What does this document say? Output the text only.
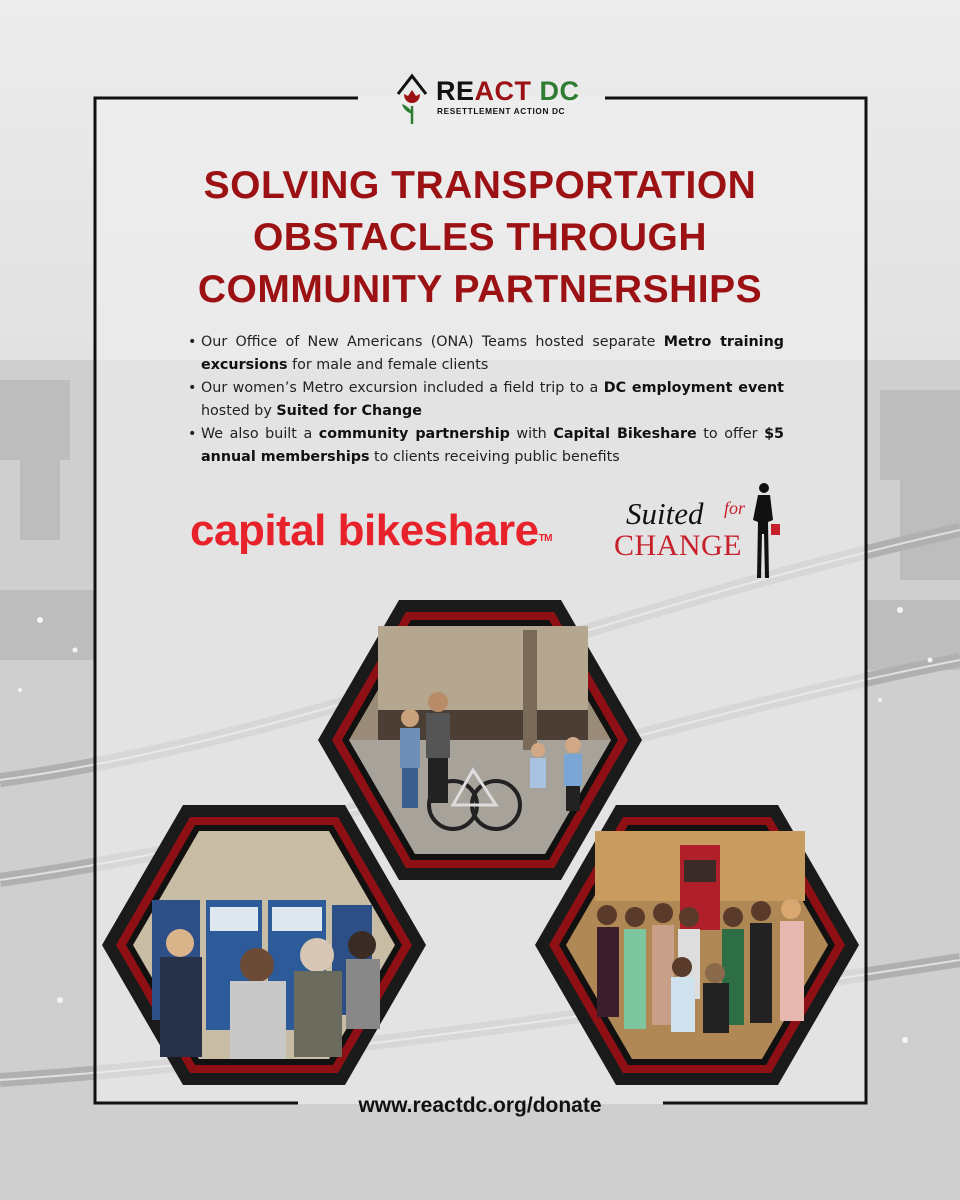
REACT DC
RESETTLEMENT ACTION DC
SOLVING TRANSPORTATION
OBSTACLES THROUGH
COMMUNITY PARTNERSHIPS
• Our Office of New Americans (ONA) Teams hosted separate Metro training excursions for male and female clients
• Our women’s Metro excursion included a field trip to a DC employment event hosted by Suited for Change
• We also built a community partnership with Capital Bikeshare to offer $5 annual memberships to clients receiving public benefits
capital bikeshare™
Suited for
CHANGE
www.reactdc.org/donate
